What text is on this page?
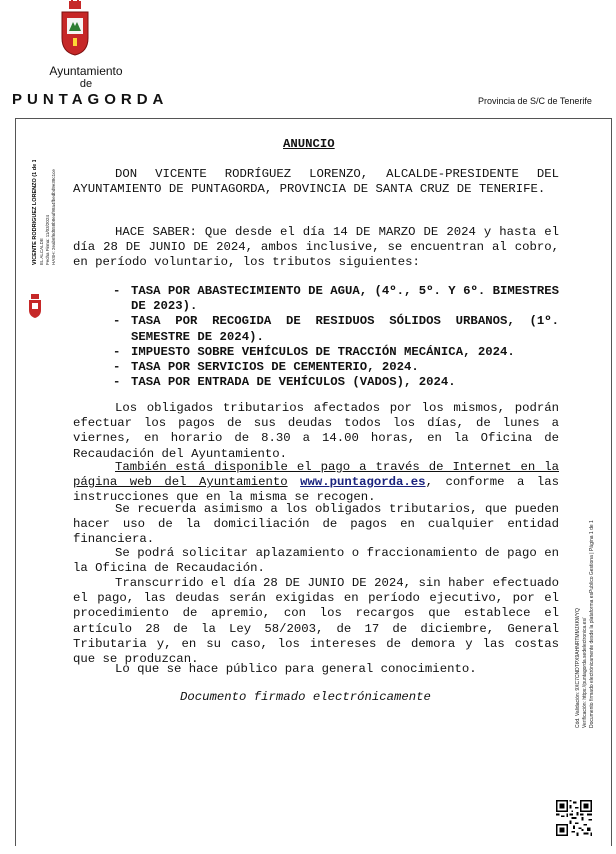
Ayuntamiento
de
PUNTAGORDA	Provincia de S/C de Tenerife
ANUNCIO
DON VICENTE RODRÍGUEZ LORENZO, ALCALDE-PRESIDENTE DEL AYUNTAMIENTO DE PUNTAGORDA, PROVINCIA DE SANTA CRUZ DE TENERIFE.
HACE SABER: Que desde el día 14 DE MARZO DE 2024 y hasta el día 28 DE JUNIO DE 2024, ambos inclusive, se encuentran al cobro, en período voluntario, los tributos siguientes:
- TASA POR ABASTECIMIENTO DE AGUA, (4º., 5º. Y 6º. BIMESTRES DE 2023).
- TASA POR RECOGIDA DE RESIDUOS SÓLIDOS URBANOS, (1º. SEMESTRE DE 2024).
- IMPUESTO SOBRE VEHÍCULOS DE TRACCIÓN MECÁNICA, 2024.
- TASA POR SERVICIOS DE CEMENTERIO, 2024.
- TASA POR ENTRADA DE VEHÍCULOS (VADOS), 2024.
Los obligados tributarios afectados por los mismos, podrán efectuar los pagos de sus deudas todos los días, de lunes a viernes, en horario de 8.30 a 14.00 horas, en la Oficina de Recaudación del Ayuntamiento.
También está disponible el pago a través de Internet en la página web del Ayuntamiento www.puntagorda.es, conforme a las instrucciones que en la misma se recogen.
Se recuerda asimismo a los obligados tributarios, que pueden hacer uso de la domiciliación de pagos en cualquier entidad financiera.
Se podrá solicitar aplazamiento o fraccionamiento de pago en la Oficina de Recaudación.
Transcurrido el día 28 DE JUNIO DE 2024, sin haber efectuado el pago, las deudas serán exigidas en período ejecutivo, por el procedimiento de apremio, con los recargos que establece el artículo 28 de la Ley 58/2003, de 17 de diciembre, General Tributaria y, en su caso, los intereses de demora y las costas que se produzcan.
Lo que se hace público para general conocimiento.
Documento firmado electrónicamente
VICENTE RODRIGUEZ LORENZO (1 de 1) EL ALCALDE Fecha Firma: 11/03/2024 HASH: 2eab6f6d558b8eaf98a4fbedbd9e38c1ce
Cód. Validación: 9XC7CNDTPX9AHNRTMMJXKWYQ Verificación: https://puntagorda.sedelectronica.es/ Documento firmado electrónicamente desde la plataforma esPublico Gestiona | Página 1 de 1
